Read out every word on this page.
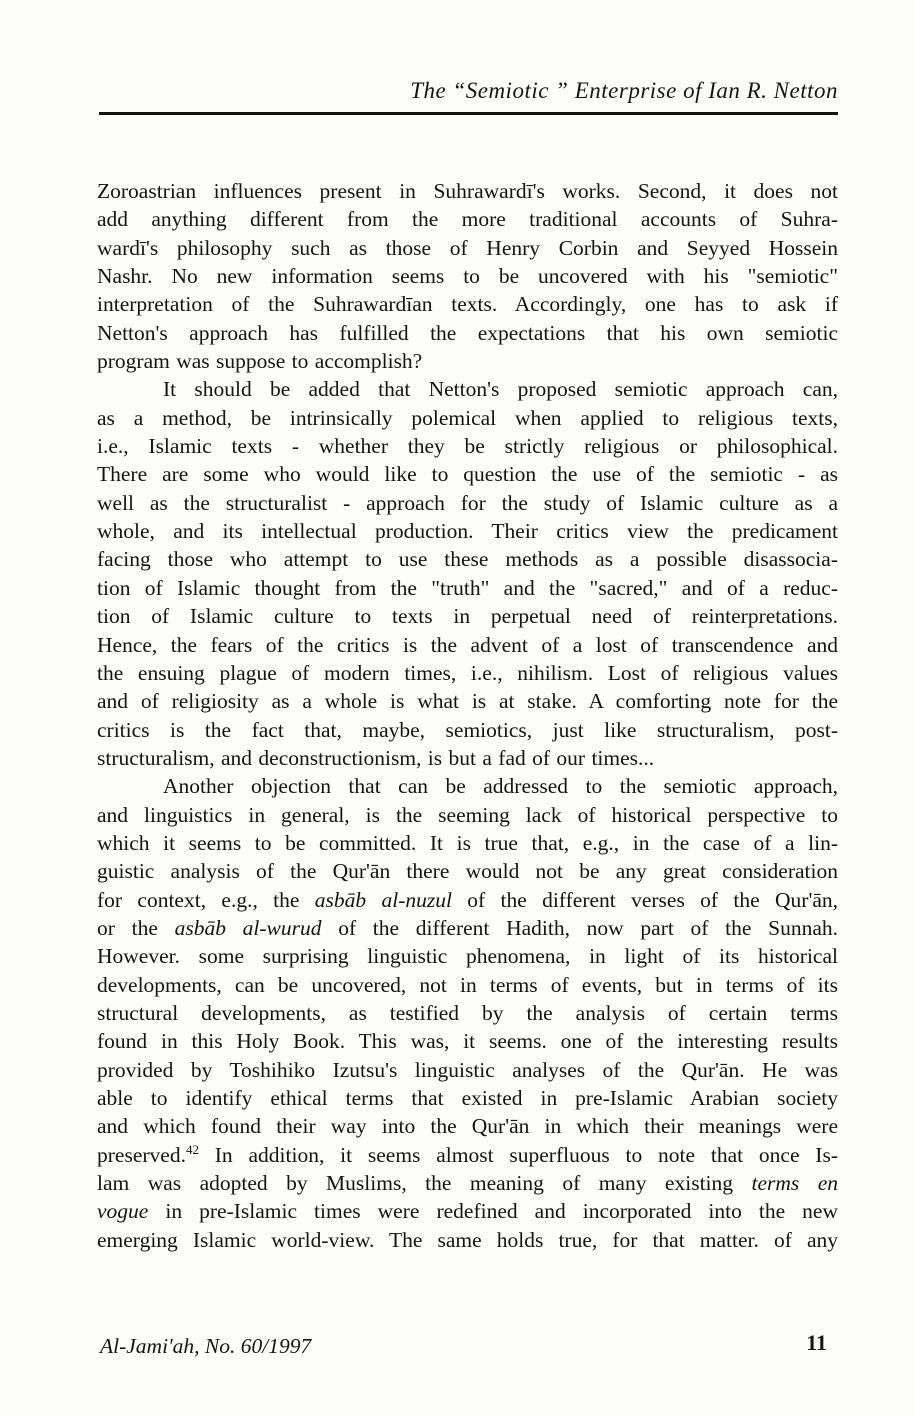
The “Semiotic ” Enterprise of Ian R. Netton
Zoroastrian influences present in Suhrawardī's works. Second, it does not
add anything different from the more traditional accounts of Suhra-
wardī's philosophy such as those of Henry Corbin and Seyyed Hossein
Nashr. No new information seems to be uncovered with his "semiotic"
interpretation of the Suhrawardīan texts. Accordingly, one has to ask if
Netton's approach has fulfilled the expectations that his own semiotic
program was suppose to accomplish?
It should be added that Netton's proposed semiotic approach can,
as a method, be intrinsically polemical when applied to religious texts,
i.e., Islamic texts - whether they be strictly religious or philosophical.
There are some who would like to question the use of the semiotic - as
well as the structuralist - approach for the study of Islamic culture as a
whole, and its intellectual production. Their critics view the predicament
facing those who attempt to use these methods as a possible disassocia-
tion of Islamic thought from the "truth" and the "sacred," and of a reduc-
tion of Islamic culture to texts in perpetual need of reinterpretations.
Hence, the fears of the critics is the advent of a lost of transcendence and
the ensuing plague of modern times, i.e., nihilism. Lost of religious values
and of religiosity as a whole is what is at stake. A comforting note for the
critics is the fact that, maybe, semiotics, just like structuralism, post-
structuralism, and deconstructionism, is but a fad of our times...
Another objection that can be addressed to the semiotic approach,
and linguistics in general, is the seeming lack of historical perspective to
which it seems to be committed. It is true that, e.g., in the case of a lin-
guistic analysis of the Qur'ān there would not be any great consideration
for context, e.g., the asbāb al-nuzul of the different verses of the Qur'ān,
or the asbāb al-wurud of the different Hadith, now part of the Sunnah.
However. some surprising linguistic phenomena, in light of its historical
developments, can be uncovered, not in terms of events, but in terms of its
structural developments, as testified by the analysis of certain terms
found in this Holy Book. This was, it seems. one of the interesting results
provided by Toshihiko Izutsu's linguistic analyses of the Qur'ān. He was
able to identify ethical terms that existed in pre-Islamic Arabian society
and which found their way into the Qur'ān in which their meanings were
preserved.$^{42}$ In addition, it seems almost superfluous to note that once Is-
lam was adopted by Muslims, the meaning of many existing terms en
vogue in pre-Islamic times were redefined and incorporated into the new
emerging Islamic world-view. The same holds true, for that matter. of any
Al-Jami'ah, No. 60/1997	11
